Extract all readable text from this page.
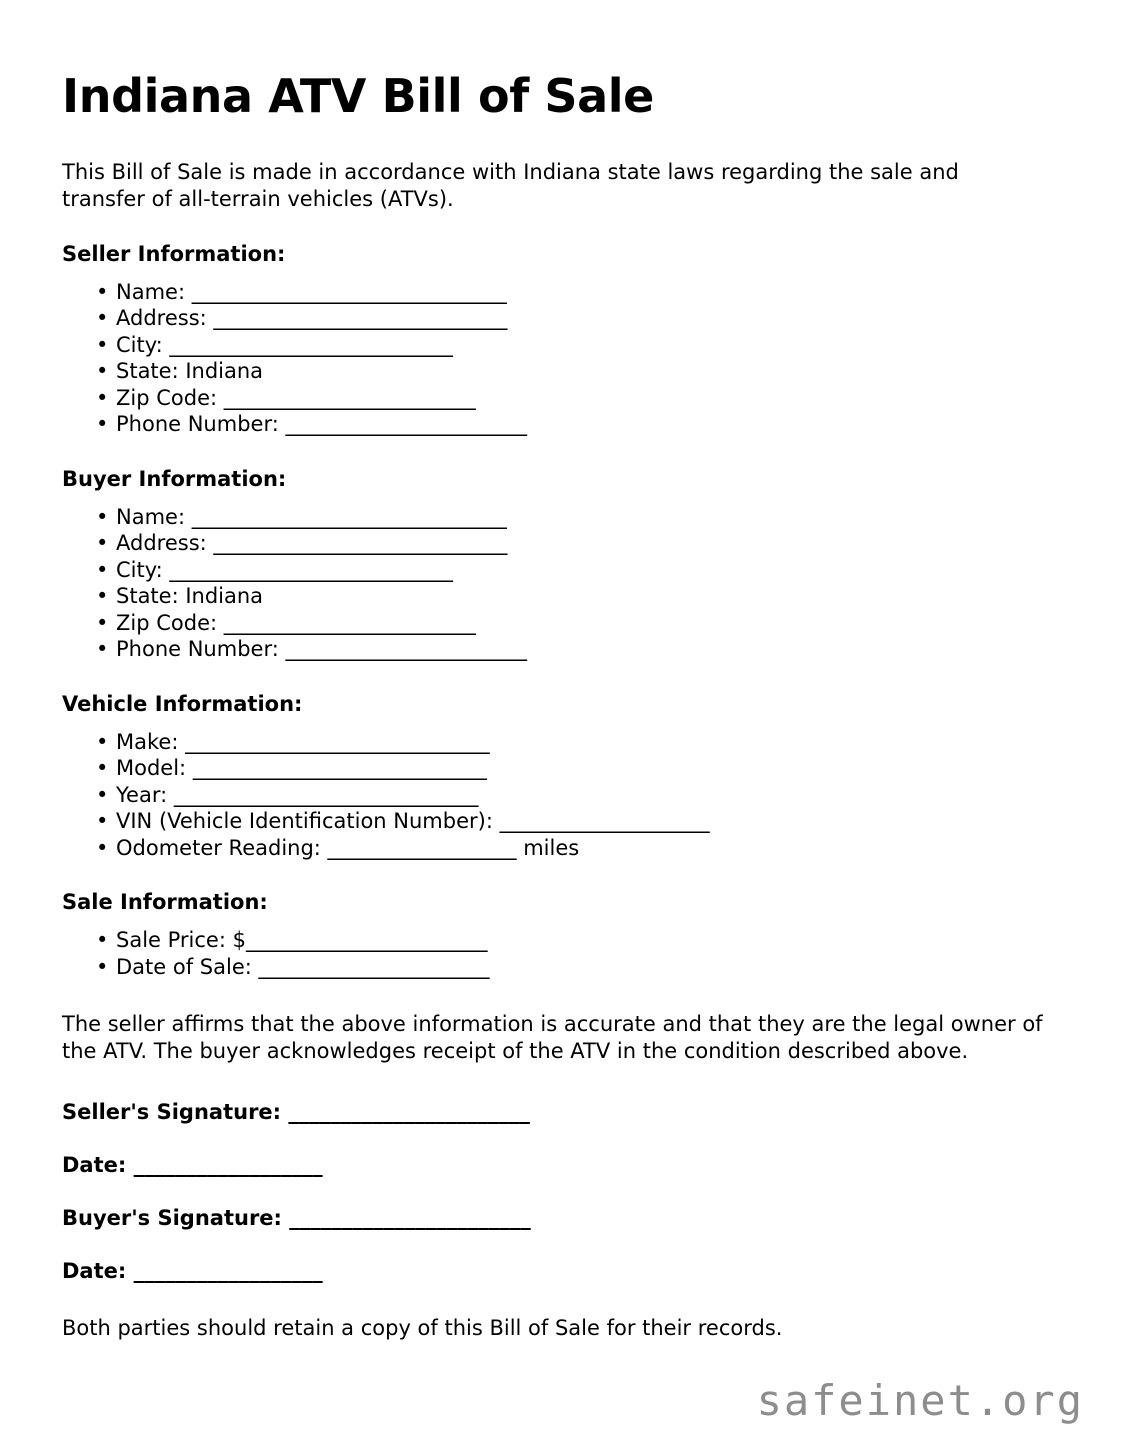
Indiana ATV Bill of Sale

This Bill of Sale is made in accordance with Indiana state laws regarding the sale and transfer of all-terrain vehicles (ATVs).

Seller Information:
• Name: ______________________________
• Address: ____________________________
• City: ___________________________
• State: Indiana
• Zip Code: ________________________
• Phone Number: _______________________
Buyer Information:
• Name: ______________________________
• Address: ____________________________
• City: ___________________________
• State: Indiana
• Zip Code: ________________________
• Phone Number: _______________________
Vehicle Information:
• Make: _____________________________
• Model: ____________________________
• Year: _____________________________
• VIN (Vehicle Identification Number): ____________________
• Odometer Reading: __________________ miles
Sale Information:
• Sale Price: $_______________________
• Date of Sale: ______________________

The seller affirms that the above information is accurate and that they are the legal owner of the ATV. The buyer acknowledges receipt of the ATV in the condition described above.

Seller's Signature: _______________________

Date: __________________

Buyer's Signature: _______________________

Date: __________________

Both parties should retain a copy of this Bill of Sale for their records.

safeinet.org
